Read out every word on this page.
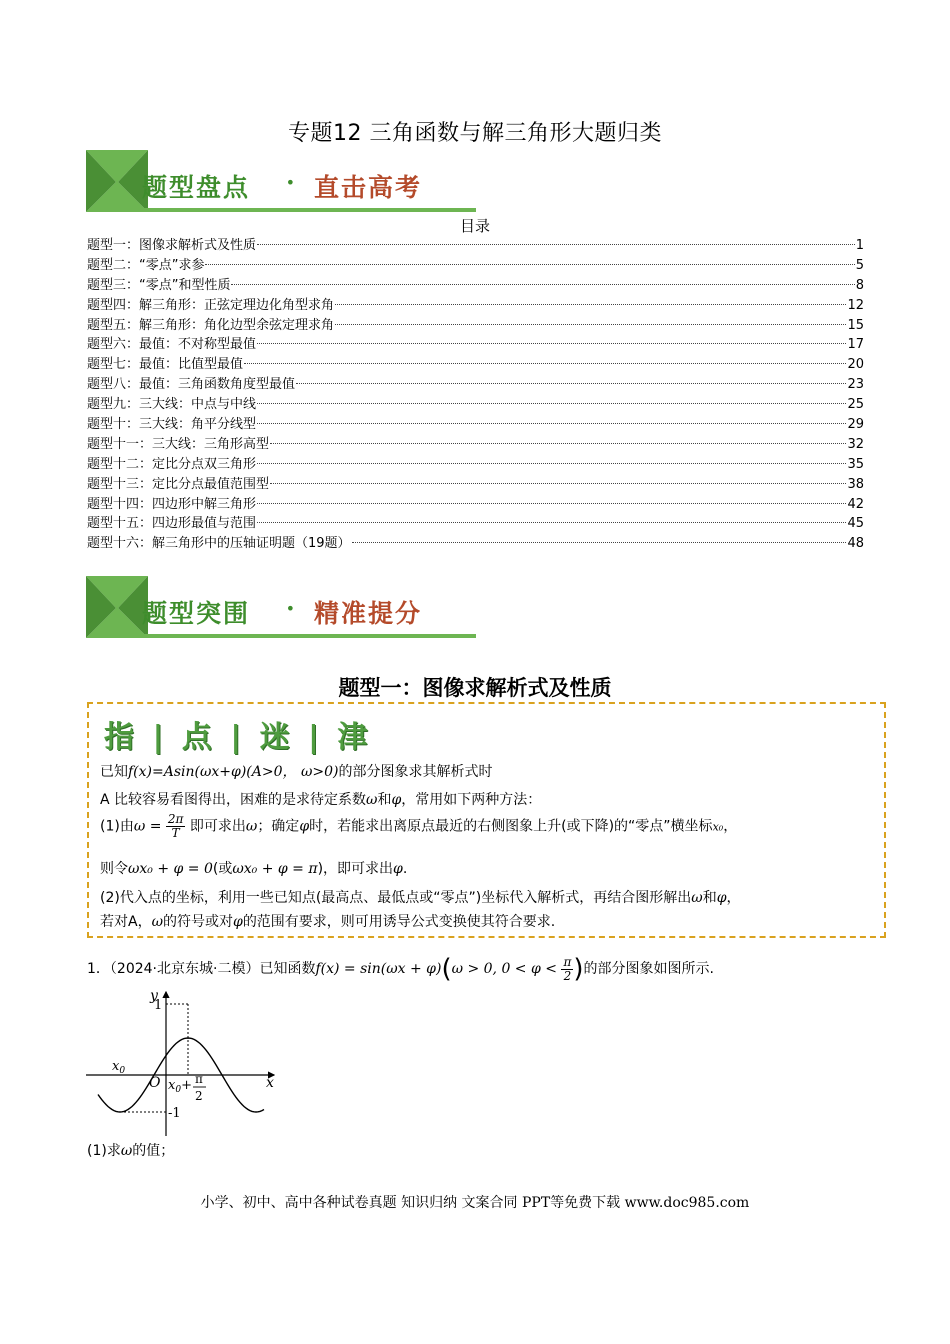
专题12 三角函数与解三角形大题归类
题型盘点 · 直击高考
目录
题型一：图像求解析式及性质	1
题型二：“零点”求参	5
题型三：“零点”和型性质	8
题型四：解三角形：正弦定理边化角型求角	12
题型五：解三角形：角化边型余弦定理求角	15
题型六：最值：不对称型最值	17
题型七：最值：比值型最值	20
题型八：最值：三角函数角度型最值	23
题型九：三大线：中点与中线	25
题型十：三大线：角平分线型	29
题型十一：三大线：三角形高型	32
题型十二：定比分点双三角形	35
题型十三：定比分点最值范围型	38
题型十四：四边形中解三角形	42
题型十五：四边形最值与范围	45
题型十六：解三角形中的压轴证明题（19题）	48
题型突围 · 精准提分
题型一：图像求解析式及性质
指 | 点 | 迷 | 津
已知f(x)=Asin(ωx+φ)(A>0， ω>0)的部分图象求其解析式时
A 比较容易看图得出，困难的是求待定系数ω和φ，常用如下两种方法：
(1)由$\omega = \frac{2\pi}{T}$ 即可求出ω；确定φ时，若能求出离原点最近的右侧图象上升(或下降)的“零点”横坐标x₀，
则令ωx₀ + φ = 0(或ωx₀ + φ = π)，即可求出φ.
(2)代入点的坐标，利用一些已知点(最高点、最低点或“零点”)坐标代入解析式，再结合图形解出ω和φ，
若对A，ω的符号或对φ的范围有要求，则可用诱导公式变换使其符合要求.
1．（2024·北京东城·二模）已知函数f(x) = sin(ωx + φ)(ω > 0, $0 < \varphi < \frac{\pi}{2}$ )的部分图象如图所示.
y
x
O
1
-1
$x_0$
$x_0+ \pi$
2
(1)求ω的值；
小学、初中、高中各种试卷真题 知识归纳 文案合同 PPT等免费下载 www.doc985.com
